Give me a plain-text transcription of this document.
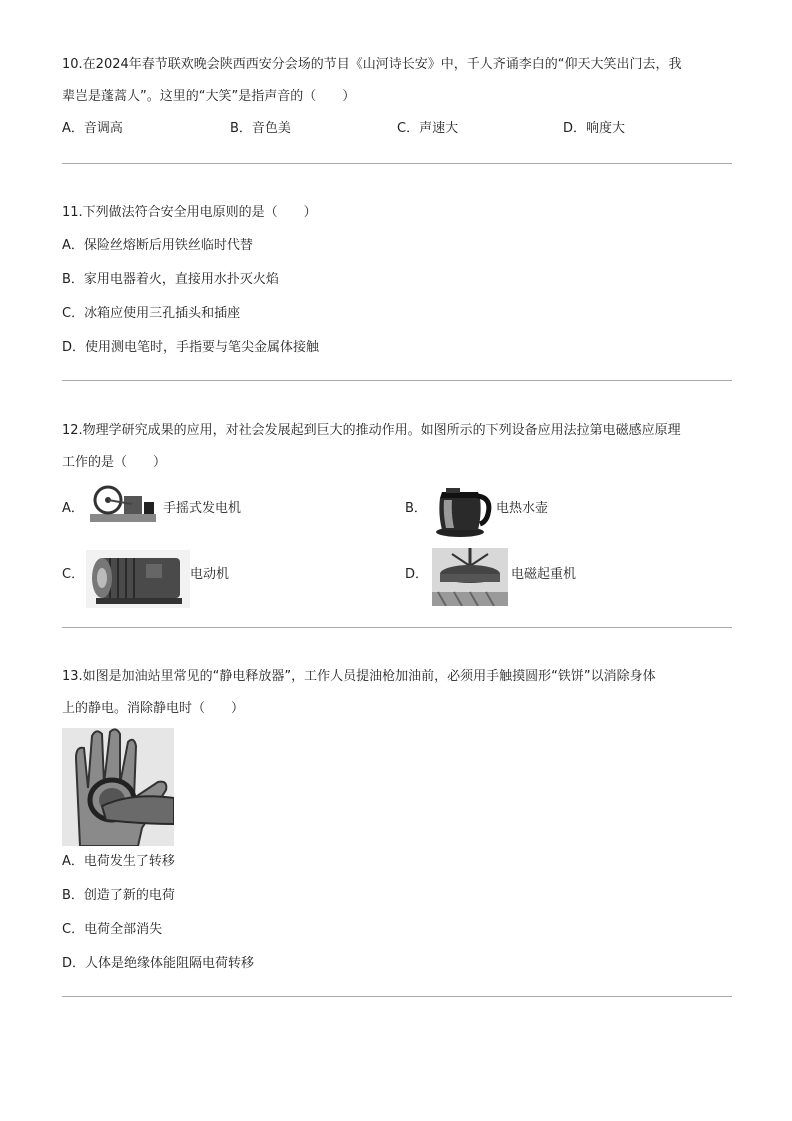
10.在2024年春节联欢晚会陕西西安分会场的节目《山河诗长安》中，千人齐诵李白的“仰天大笑出门去，我
辈岂是蓬蒿人”。这里的“大笑”是指声音的（　　）
A．音调高	B．音色美	C．声速大	D．响度大
11.下列做法符合安全用电原则的是（　　）
A．保险丝熔断后用铁丝临时代替
B．家用电器着火，直接用水扑灭火焰
C．冰箱应使用三孔插头和插座
D．使用测电笔时，手指要与笔尖金属体接触
12.物理学研究成果的应用，对社会发展起到巨大的推动作用。如图所示的下列设备应用法拉第电磁感应原理
工作的是（　　）
A．	手摇式发电机	B．	电热水壶
C．	电动机	D．	电磁起重机
13.如图是加油站里常见的“静电释放器”，工作人员提油枪加油前，必须用手触摸圆形“铁饼”以消除身体
上的静电。消除静电时（　　）
A．电荷发生了转移
B．创造了新的电荷
C．电荷全部消失
D．人体是绝缘体能阻隔电荷转移
